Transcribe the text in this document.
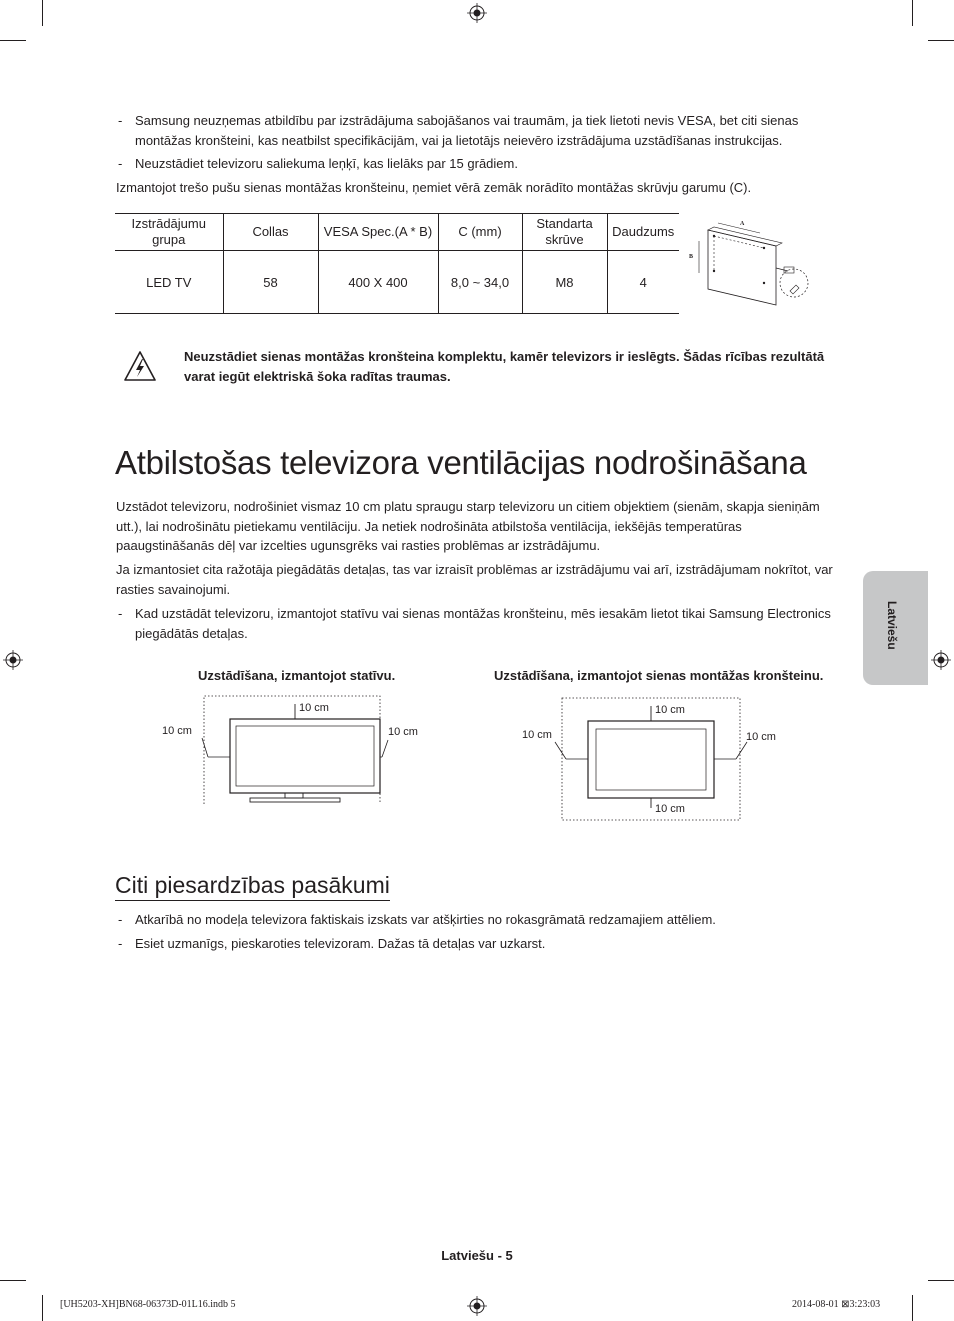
- Samsung neuzņemas atbildību par izstrādājuma sabojāšanos vai traumām, ja tiek lietoti nevis VESA, bet citi sienas montāžas kronšteini, kas neatbilst specifikācijām, vai ja lietotājs neievēro izstrādājuma uzstādīšanas instrukcijas.
- Neuzstādiet televizoru saliekuma leņķī, kas lielāks par 15 grādiem.
Izmantojot trešo pušu sienas montāžas kronšteinu, ņemiet vērā zemāk norādīto montāžas skrūvju garumu (C).
Izstrādājumu grupa	Collas	VESA Spec.(A * B)	C (mm)	Standarta skrūve	Daudzums
LED TV	58	400 X 400	8,0 ~ 34,0	M8	4
A
B
Neuzstādiet sienas montāžas kronšteina komplektu, kamēr televizors ir ieslēgts. Šādas rīcības rezultātā varat iegūt elektriskā šoka radītas traumas.
Atbilstošas televizora ventilācijas nodrošināšana
Uzstādot televizoru, nodrošiniet vismaz 10 cm platu spraugu starp televizoru un citiem objektiem (sienām, skapja sieniņām utt.), lai nodrošinātu pietiekamu ventilāciju. Ja netiek nodrošināta atbilstoša ventilācija, iekšējās temperatūras paaugstināšanās dēļ var izcelties ugunsgrēks vai rasties problēmas ar izstrādājumu.
Ja izmantosiet cita ražotāja piegādātās detaļas, tas var izraisīt problēmas ar izstrādājumu vai arī, izstrādājumam nokrītot, var rasties savainojumi.
- Kad uzstādāt televizoru, izmantojot statīvu vai sienas montāžas kronšteinu, mēs iesakām lietot tikai Samsung Electronics piegādātās detaļas.
Uzstādīšana, izmantojot statīvu.	Uzstādīšana, izmantojot sienas montāžas kronšteinu.
10 cm
10 cm	10 cm
10 cm
10 cm	10 cm
10 cm
Citi piesardzības pasākumi
- Atkarībā no modeļa televizora faktiskais izskats var atšķirties no rokasgrāmatā redzamajiem attēliem.
- Esiet uzmanīgs, pieskaroties televizoram. Dažas tā detaļas var uzkarst.
Latviešu
Latviešu - 5
[UH5203-XH]BN68-06373D-01L16.indb 5	2014-08-01 ⊠3:23:03
